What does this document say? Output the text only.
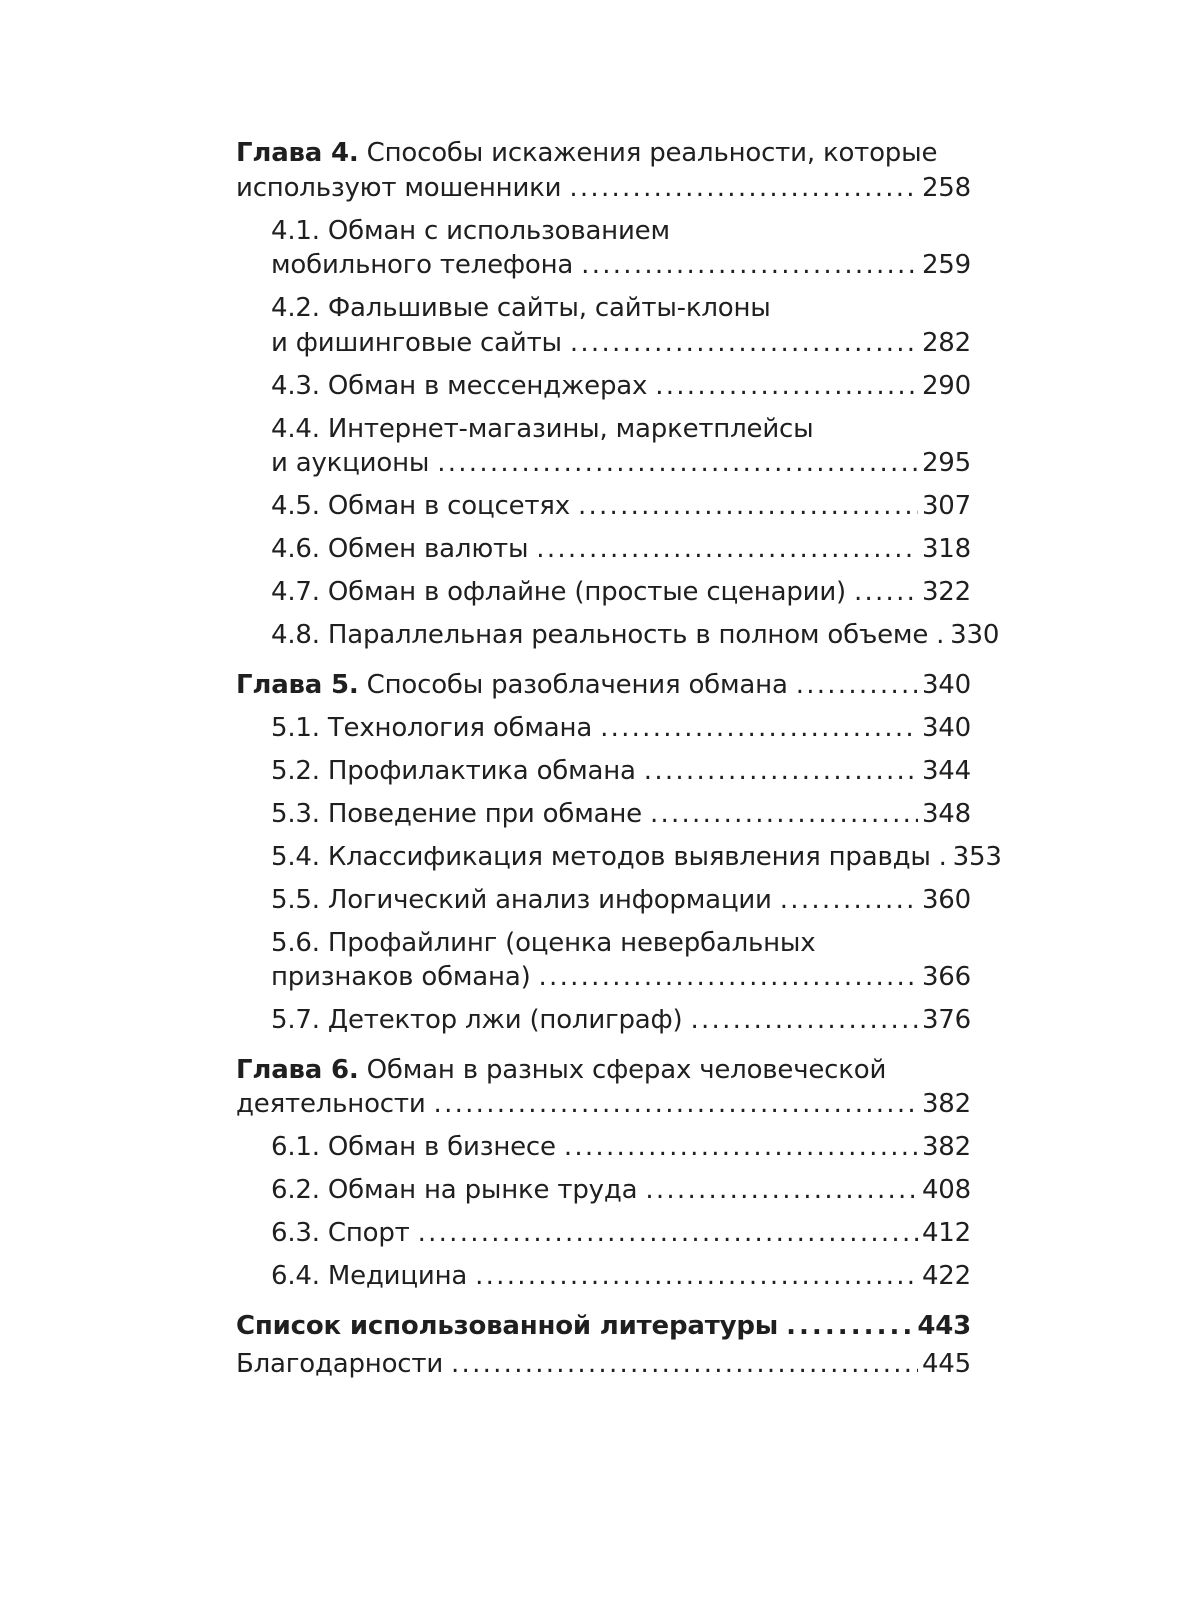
Глава 4. Способы искажения реальности, которые
используют мошенники . . .	258
4.1. Обман с использованием
мобильного телефона . . .	259
4.2. Фальшивые сайты, сайты-клоны
и фишинговые сайты . . .	282
4.3. Обман в мессенджерах . . .	290
4.4. Интернет-магазины, маркетплейсы
и аукционы . . .	295
4.5. Обман в соцсетях . . .	307
4.6. Обмен валюты . . .	318
4.7. Обман в офлайне (простые сценарии) . . .	322
4.8. Параллельная реальность в полном объеме . . . 330
Глава 5. Способы разоблачения обмана . . .	340
5.1. Технология обмана . . .	340
5.2. Профилактика обмана . . .	344
5.3. Поведение при обмане . . .	348
5.4. Классификация методов выявления правды . . . 353
5.5. Логический анализ информации . . .	360
5.6. Профайлинг (оценка невербальных
признаков обмана) . . .	366
5.7. Детектор лжи (полиграф) . . .	376
Глава 6. Обман в разных сферах человеческой
деятельности . . .	382
6.1. Обман в бизнесе . . .	382
6.2. Обман на рынке труда . . .	408
6.3. Спорт . . .	412
6.4. Медицина . . .	422
Список использованной литературы . . .	443
Благодарности . . .	445
